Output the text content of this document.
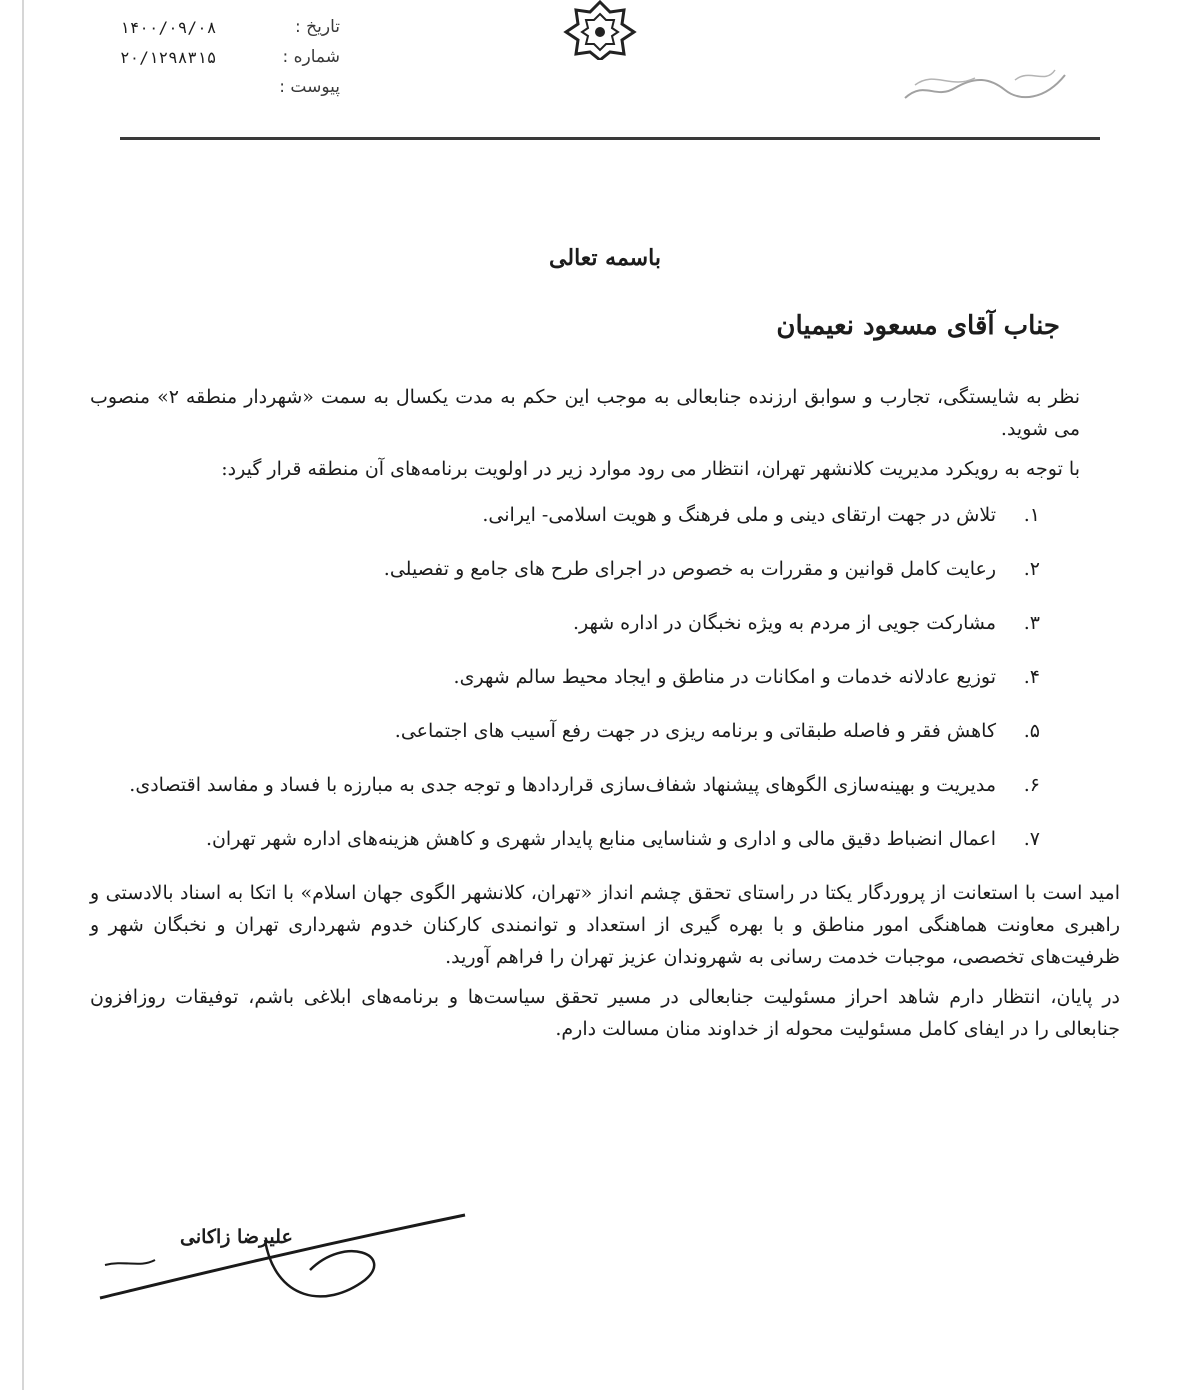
تاریخ :
۱۴۰۰/۰۹/۰۸
شماره :
۲۰/۱۲۹۸۳۱۵
پیوست :
باسمه تعالی
جناب آقای مسعود نعیمیان

نظر به شایستگی، تجارب و سوابق ارزنده جنابعالی به موجب این حکم به مدت یکسال به سمت «شهردار منطقه ۲» منصوب می شوید.

با توجه به رویکرد مدیریت کلانشهر تهران، انتظار می رود موارد زیر در اولویت برنامه‌های آن منطقه قرار گیرد:

۱.
تلاش در جهت ارتقای دینی و ملی فرهنگ و هویت اسلامی- ایرانی.
۲.
رعایت کامل قوانین و مقررات به خصوص در اجرای طرح های جامع و تفصیلی.
۳.
مشارکت جویی از مردم به ویژه نخبگان در اداره شهر.
۴.
توزیع عادلانه خدمات و امکانات در مناطق و ایجاد محیط سالم شهری.
۵.
کاهش فقر و فاصله طبقاتی و برنامه ریزی در جهت رفع آسیب های اجتماعی.
۶.
مدیریت و بهینه‌سازی الگوهای پیشنهاد شفاف‌سازی قرارداد‌ها و توجه جدی به مبارزه با فساد و مفاسد اقتصادی.
۷.
اعمال انضباط دقیق مالی و اداری و شناسایی منابع پایدار شهری و کاهش هزینه‌های اداره شهر تهران.

امید است با استعانت از پروردگار یکتا در راستای تحقق چشم انداز «تهران، کلانشهر الگوی جهان اسلام» با اتکا به اسناد بالادستی و راهبری معاونت هماهنگی امور مناطق و با بهره گیری از استعداد و توانمندی کارکنان خدوم شهرداری تهران و نخبگان شهر و ظرفیت‌های تخصصی، موجبات خدمت رسانی به شهروندان عزیز تهران را فراهم آورید.

در پایان، انتظار دارم شاهد احراز مسئولیت جنابعالی در مسیر تحقق سیاست‌ها و برنامه‌های ابلاغی باشم، توفیقات روزافزون جنابعالی را در ایفای کامل مسئولیت محوله از خداوند منان مسالت دارم.

علیرضا زاکانی
